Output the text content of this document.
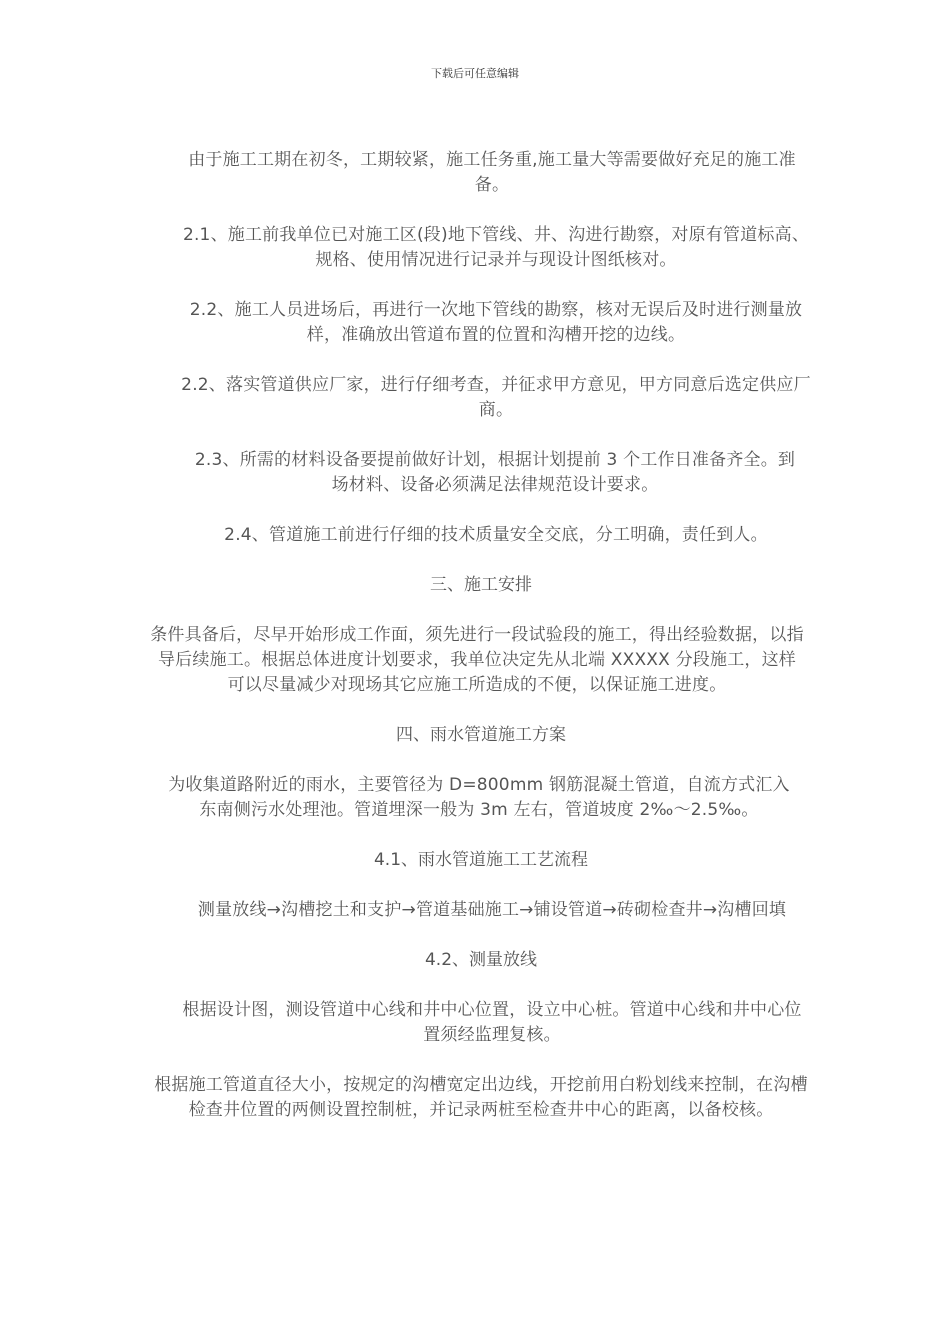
下载后可任意编辑

由于施工工期在初冬，工期较紧，施工任务重,施工量大等需要做好充足的施工准备。

2.1、施工前我单位已对施工区(段)地下管线、井、沟进行勘察，对原有管道标高、规格、使用情况进行记录并与现设计图纸核对。

2.2、施工人员进场后，再进行一次地下管线的勘察，核对无误后及时进行测量放样，准确放出管道布置的位置和沟槽开挖的边线。

2.2、落实管道供应厂家，进行仔细考查，并征求甲方意见，甲方同意后选定供应厂商。

2.3、所需的材料设备要提前做好计划，根据计划提前 3 个工作日准备齐全。到场材料、设备必须满足法律规范设计要求。

2.4、管道施工前进行仔细的技术质量安全交底，分工明确，责任到人。

三、施工安排

条件具备后，尽早开始形成工作面，须先进行一段试验段的施工，得出经验数据，以指导后续施工。根据总体进度计划要求，我单位决定先从北端 XXXXX 分段施工，这样可以尽量减少对现场其它应施工所造成的不便，以保证施工进度。

四、雨水管道施工方案

为收集道路附近的雨水，主要管径为 D=800mm 钢筋混凝土管道，自流方式汇入东南侧污水处理池。管道埋深一般为 3m 左右，管道坡度 2‰～2.5‰。

4.1、雨水管道施工工艺流程

测量放线→沟槽挖土和支护→管道基础施工→铺设管道→砖砌检查井→沟槽回填

4.2、测量放线

根据设计图，测设管道中心线和井中心位置，设立中心桩。管道中心线和井中心位置须经监理复核。

根据施工管道直径大小，按规定的沟槽宽定出边线，开挖前用白粉划线来控制，在沟槽检查井位置的两侧设置控制桩，并记录两桩至检查井中心的距离，以备校核。
